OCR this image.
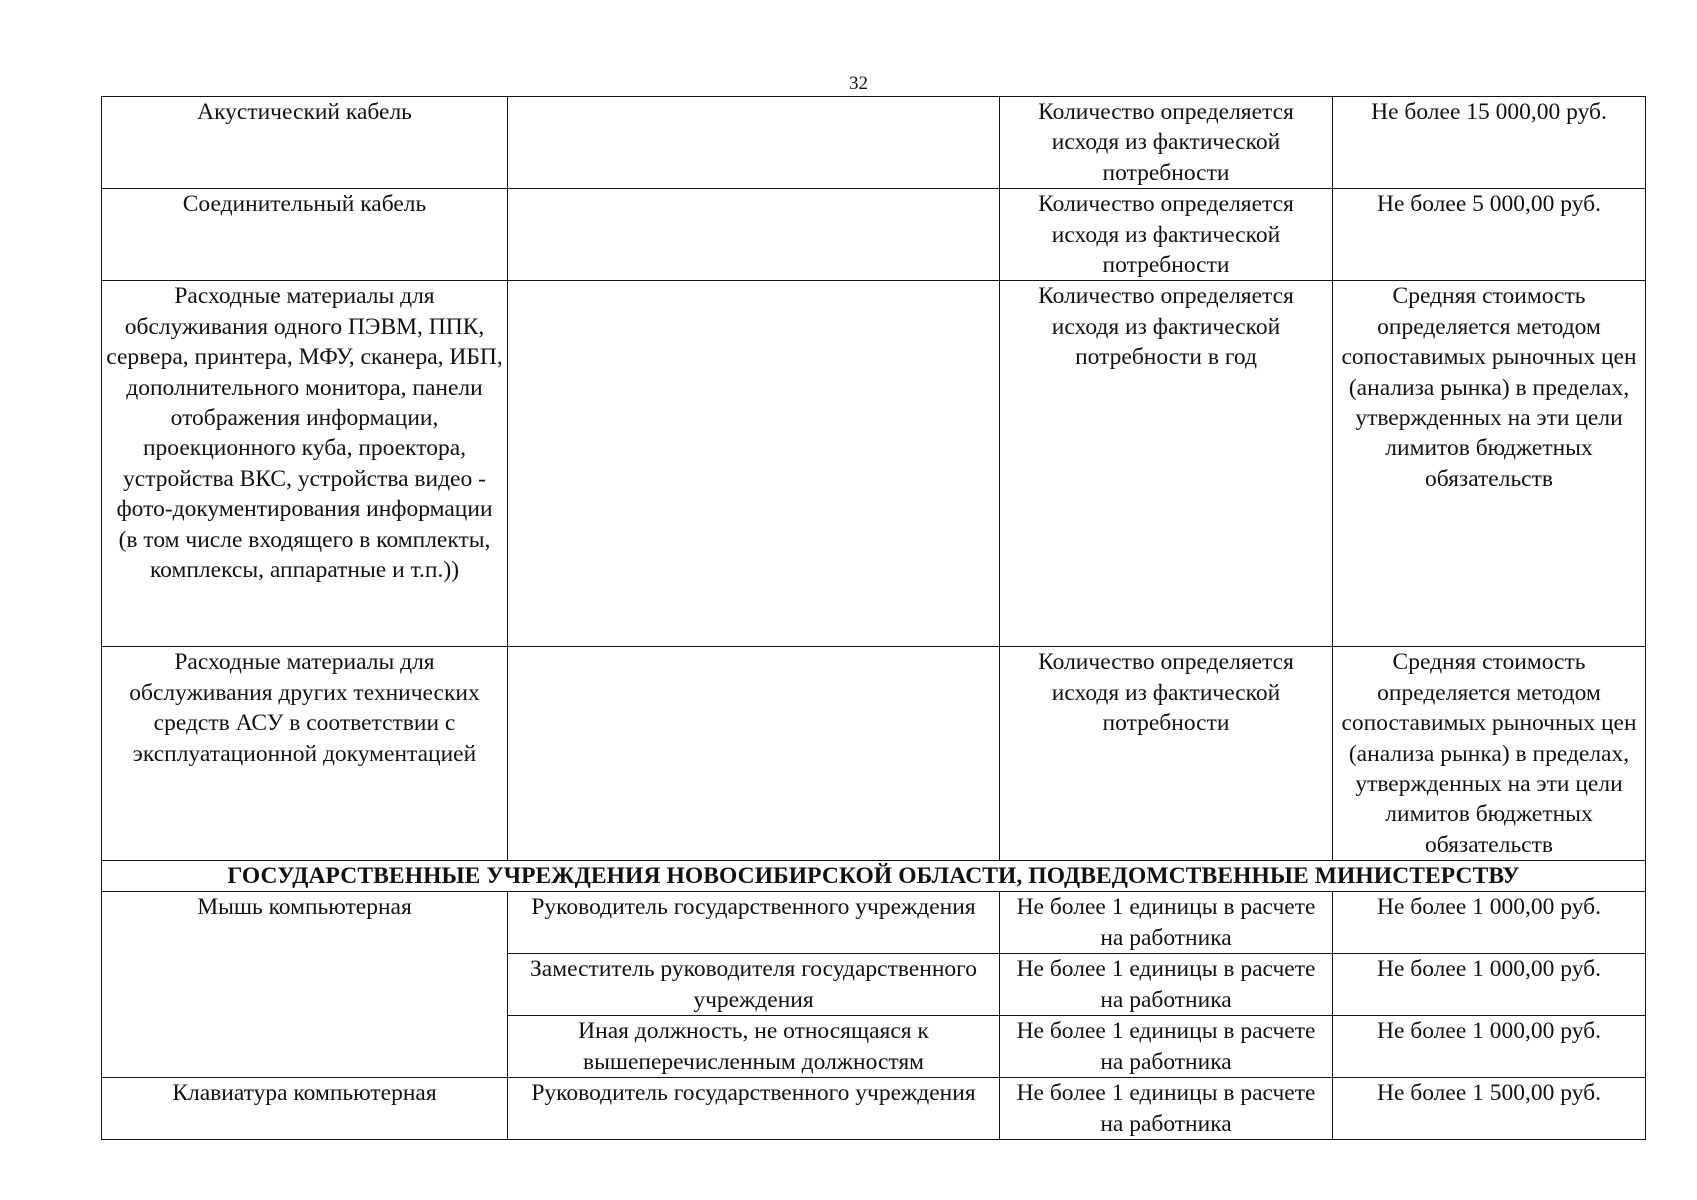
32
Акустический кабель		Количество определяется исходя из фактической потребности	Не более 15 000,00 руб.
Соединительный кабель		Количество определяется исходя из фактической потребности	Не более 5 000,00 руб.
Расходные материалы для обслуживания одного ПЭВМ, ППК, сервера, принтера, МФУ, сканера, ИБП, дополнительного монитора, панели отображения информации, проекционного куба, проектора, устройства ВКС, устройства видео - фото-документирования информации (в том числе входящего в комплекты, комплексы, аппаратные и т.п.))		Количество определяется исходя из фактической потребности в год	Средняя стоимость определяется методом сопоставимых рыночных цен (анализа рынка) в пределах, утвержденных на эти цели лимитов бюджетных обязательств
Расходные материалы для обслуживания других технических средств АСУ в соответствии с эксплуатационной документацией		Количество определяется исходя из фактической потребности	Средняя стоимость определяется методом сопоставимых рыночных цен (анализа рынка) в пределах, утвержденных на эти цели лимитов бюджетных обязательств
ГОСУДАРСТВЕННЫЕ УЧРЕЖДЕНИЯ НОВОСИБИРСКОЙ ОБЛАСТИ, ПОДВЕДОМСТВЕННЫЕ МИНИСТЕРСТВУ			
Мышь компьютерная	Руководитель государственного учреждения	Не более 1 единицы в расчете на работника	Не более 1 000,00 руб.
	Заместитель руководителя государственного учреждения	Не более 1 единицы в расчете на работника	Не более 1 000,00 руб.
	Иная должность, не относящаяся к вышеперечисленным должностям	Не более 1 единицы в расчете на работника	Не более 1 000,00 руб.
Клавиатура компьютерная	Руководитель государственного учреждения	Не более 1 единицы в расчете на работника	Не более 1 500,00 руб.
